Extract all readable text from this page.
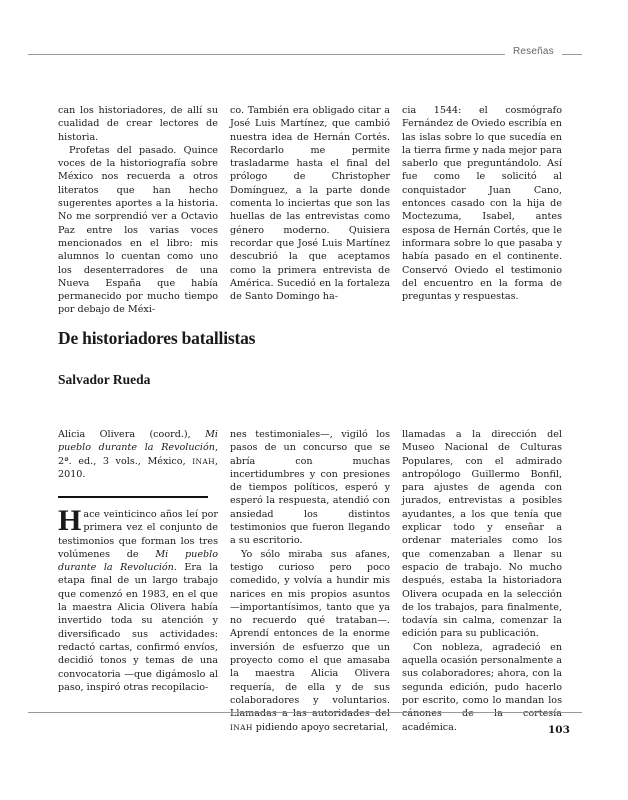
Reseñas

can los historiadores, de allí su cualidad de crear lectores de historia.

Profetas del pasado. Quince voces de la historiografía sobre México nos recuerda a otros literatos que han hecho sugerentes aportes a la historia. No me sorprendió ver a Octavio Paz entre los varias voces mencionados en el libro: mis alumnos lo cuentan como uno los desenterradores de una Nueva España que había permanecido por mucho tiempo por debajo de Méxi-

co. También era obligado citar a José Luis Martínez, que cambió nuestra idea de Hernán Cortés. Recordarlo me permite trasladarme hasta el final del prólogo de Christopher Domínguez, a la parte donde comenta lo inciertas que son las huellas de las entrevistas como género moderno. Quisiera recordar que José Luis Martínez descubrió la que aceptamos como la primera entrevista de América. Sucedió en la fortaleza de Santo Domingo ha-

cia 1544: el cosmógrafo Fernández de Oviedo escribía en las islas sobre lo que sucedía en la tierra firme y nada mejor para saberlo que preguntándolo. Así fue como le solicitó al conquistador Juan Cano, entonces casado con la hija de Moctezuma, Isabel, antes esposa de Hernán Cortés, que le informara sobre lo que pasaba y había pasado en el continente. Conservó Oviedo el testimonio del encuentro en la forma de preguntas y respuestas.

De historiadores batallistas
Salvador Rueda

Alicia Olivera (coord.), Mi pueblo durante la Revolución, 2ª. ed., 3 vols., México, INAH, 2010.

Hace veinticinco años leí por primera vez el conjunto de testimonios que forman los tres volúmenes de Mi pueblo durante la Revolución. Era la etapa final de un largo trabajo que comenzó en 1983, en el que la maestra Alicia Olivera había invertido toda su atención y diversificado sus actividades: redactó cartas, confirmó envíos, decidió tonos y temas de una convocatoria —que digámoslo al paso, inspiró otras recopilacio-

nes testimoniales—, vigiló los pasos de un concurso que se abría con muchas incertidumbres y con presiones de tiempos políticos, esperó y esperó la respuesta, atendió con ansiedad los distintos testimonios que fueron llegando a su escritorio.

Yo sólo miraba sus afanes, testigo curioso pero poco comedido, y volvía a hundir mis narices en mis propios asuntos —importantísimos, tanto que ya no recuerdo qué trataban—. Aprendí entonces de la enorme inversión de esfuerzo que un proyecto como el que amasaba la maestra Alicia Olivera requería, de ella y de sus colaboradores y voluntarios. Llamadas a las autoridades del INAH pidiendo apoyo secretarial,

llamadas a la dirección del Museo Nacional de Culturas Populares, con el admirado antropólogo Guillermo Bonfil, para ajustes de agenda con jurados, entrevistas a posibles ayudantes, a los que tenía que explicar todo y enseñar a ordenar materiales como los que comenzaban a llenar su espacio de trabajo. No mucho después, estaba la historiadora Olivera ocupada en la selección de los trabajos, para finalmente, todavía sin calma, comenzar la edición para su publicación.

Con nobleza, agradeció en aquella ocasión personalmente a sus colaboradores; ahora, con la segunda edición, pudo hacerlo por escrito, como lo mandan los cánones de la cortesía académica.	103
